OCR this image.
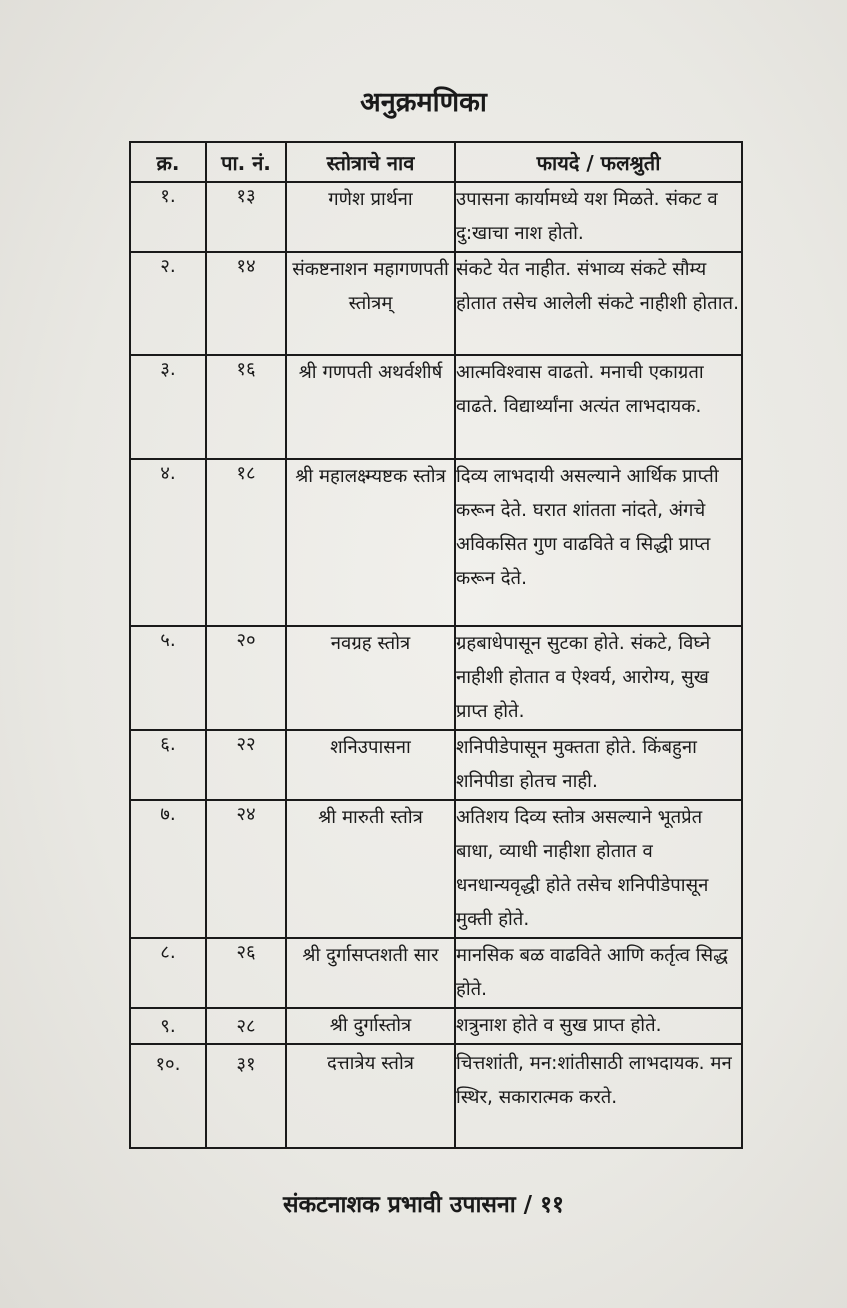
अनुक्रमणिका
क्र.	पा. नं.	स्तोत्राचे नाव	फायदे / फलश्रुती
१.	१३	गणेश प्रार्थना	उपासना कार्यामध्ये यश मिळते. संकट व दु:खाचा नाश होतो.
२.	१४	संकष्टनाशन महागणपती स्तोत्रम्	संकटे येत नाहीत. संभाव्य संकटे सौम्य होतात तसेच आलेली संकटे नाहीशी होतात.
३.	१६	श्री गणपती अथर्वशीर्ष	आत्मविश्वास वाढतो. मनाची एकाग्रता वाढते. विद्यार्थ्यांना अत्यंत लाभदायक.
४.	१८	श्री महालक्ष्म्यष्टक स्तोत्र	दिव्य लाभदायी असल्याने आर्थिक प्राप्ती करून देते. घरात शांतता नांदते, अंगचे अविकसित गुण वाढविते व सिद्धी प्राप्त करून देते.
५.	२०	नवग्रह स्तोत्र	ग्रहबाधेपासून सुटका होते. संकटे, विघ्ने नाहीशी होतात व ऐश्वर्य, आरोग्य, सुख प्राप्त होते.
६.	२२	शनिउपासना	शनिपीडेपासून मुक्तता होते. किंबहुना शनिपीडा होतच नाही.
७.	२४	श्री मारुती स्तोत्र	अतिशय दिव्य स्तोत्र असल्याने भूतप्रेत बाधा, व्याधी नाहीशा होतात व धनधान्यवृद्धी होते तसेच शनिपीडेपासून मुक्ती होते.
८.	२६	श्री दुर्गासप्तशती सार	मानसिक बळ वाढविते आणि कर्तृत्व सिद्ध होते.
९.	२८	श्री दुर्गास्तोत्र	शत्रुनाश होते व सुख प्राप्त होते.
१०.	३१	दत्तात्रेय स्तोत्र	चित्तशांती, मन:शांतीसाठी लाभदायक. मन स्थिर, सकारात्मक करते.
संकटनाशक प्रभावी उपासना / ११
